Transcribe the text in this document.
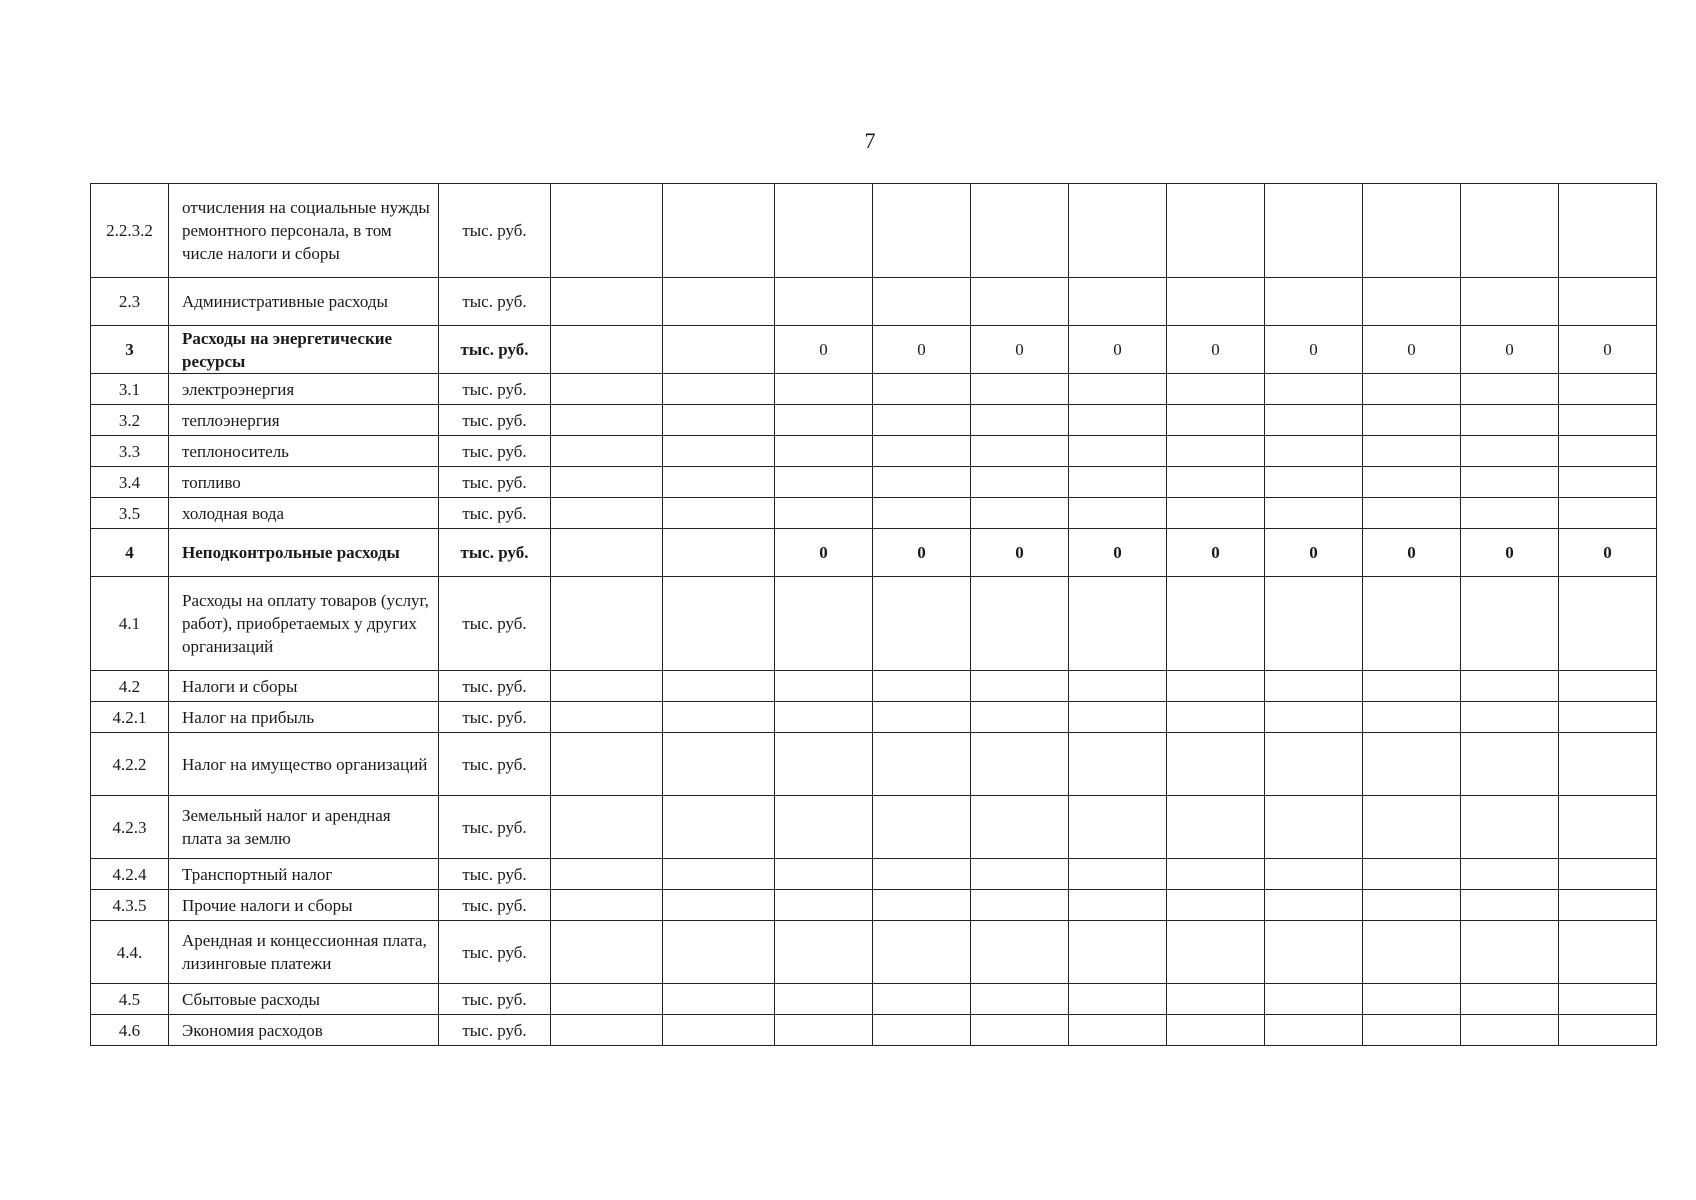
7
2.2.3.2	отчисления на социальные нужды ремонтного персонала, в том числе налоги и сборы	тыс. руб.											
2.3	Административные расходы	тыс. руб.											
3	Расходы на энергетические ресурсы	тыс. руб.			0	0	0	0	0	0	0	0	0
3.1	электроэнергия	тыс. руб.											
3.2	теплоэнергия	тыс. руб.											
3.3	теплоноситель	тыс. руб.											
3.4	топливо	тыс. руб.											
3.5	холодная вода	тыс. руб.											
4	Неподконтрольные расходы	тыс. руб.			0	0	0	0	0	0	0	0	0
4.1	Расходы на оплату товаров (услуг, работ), приобретаемых у других организаций	тыс. руб.											
4.2	Налоги и сборы	тыс. руб.											
4.2.1	Налог на прибыль	тыс. руб.											
4.2.2	Налог на имущество организаций	тыс. руб.											
4.2.3	Земельный налог и арендная плата за землю	тыс. руб.											
4.2.4	Транспортный налог	тыс. руб.											
4.3.5	Прочие налоги и сборы	тыс. руб.											
4.4.	Арендная и концессионная плата, лизинговые платежи	тыс. руб.											
4.5	Сбытовые расходы	тыс. руб.											
4.6	Экономия расходов	тыс. руб.											
